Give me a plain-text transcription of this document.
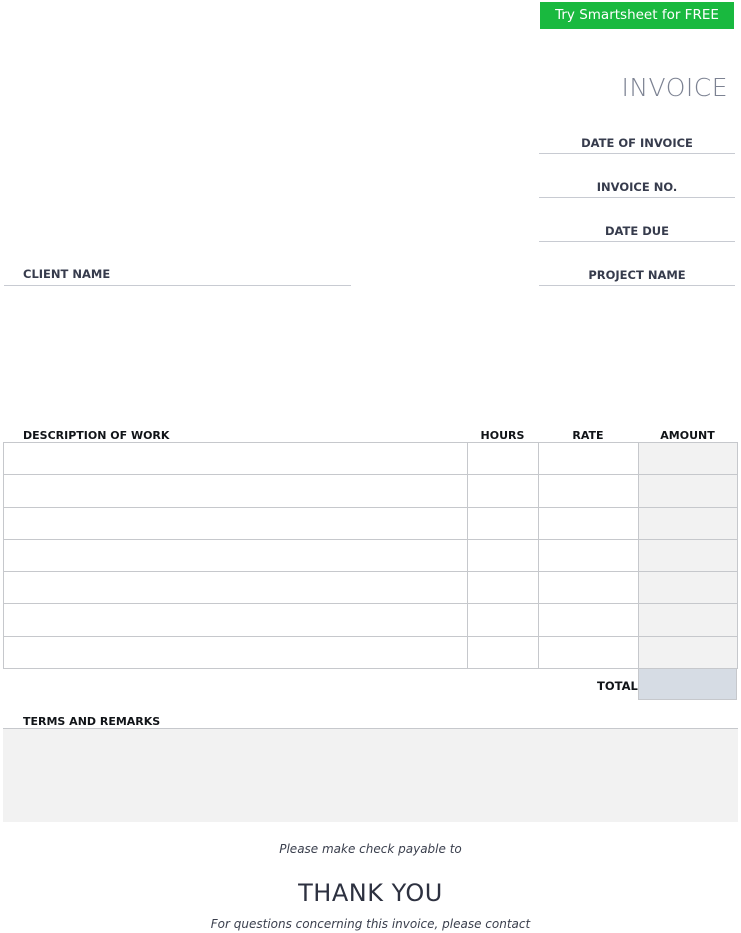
Try Smartsheet for FREE
INVOICE
DATE OF INVOICE
INVOICE NO.
DATE DUE
PROJECT NAME
CLIENT NAME
DESCRIPTION OF WORK	HOURS	RATE	AMOUNT

TOTAL
TERMS AND REMARKS
Please make check payable to
THANK YOU
For questions concerning this invoice, please contact
